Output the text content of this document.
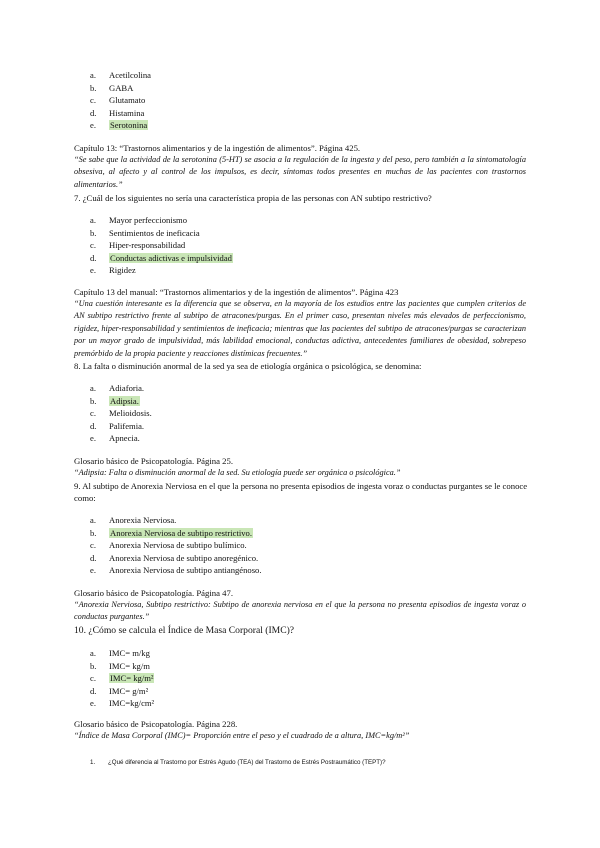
a. Acetilcolina
b. GABA
c. Glutamato
d. Histamina
e. Serotonina
Capítulo 13: “Trastornos alimentarios y de la ingestión de alimentos”. Página 425.
“Se sabe que la actividad de la serotonina (5-HT) se asocia a la regulación de la ingesta y del peso, pero también a la sintomatología obsesiva, al afecto y al control de los impulsos, es decir, síntomas todos presentes en muchas de las pacientes con trastornos alimentarios.”
7. ¿Cuál de los siguientes no sería una característica propia de las personas con AN subtipo restrictivo?
a. Mayor perfeccionismo
b. Sentimientos de ineficacia
c. Hiper-responsabilidad
d. Conductas adictivas e impulsividad
e. Rigidez
Capítulo 13 del manual: “Trastornos alimentarios y de la ingestión de alimentos”. Página 423
“Una cuestión interesante es la diferencia que se observa, en la mayoría de los estudios entre las pacientes que cumplen criterios de AN subtipo restrictivo frente al subtipo de atracones/purgas. En el primer caso, presentan niveles más elevados de perfeccionismo, rigidez, hiper-responsabilidad y sentimientos de ineficacia; mientras que las pacientes del subtipo de atracones/purgas se caracterizan por un mayor grado de impulsividad, más labilidad emocional, conductas adictiva, antecedentes familiares de obesidad, sobrepeso premórbido de la propia paciente y reacciones distímicas frecuentes.”
8. La falta o disminución anormal de la sed ya sea de etiología orgánica o psicológica, se denomina:
a. Adiaforia.
b. Adipsia.
c. Melioidosis.
d. Palifemia.
e. Apnecia.
Glosario básico de Psicopatología. Página 25.
“Adipsia: Falta o disminución anormal de la sed. Su etiología puede ser orgánica o psicológica.”
9. Al subtipo de Anorexia Nerviosa en el que la persona no presenta episodios de ingesta voraz o conductas purgantes se le conoce como:
a. Anorexia Nerviosa.
b. Anorexia Nerviosa de subtipo restrictivo.
c. Anorexia Nerviosa de subtipo bulímico.
d. Anorexia Nerviosa de subtipo anoregénico.
e. Anorexia Nerviosa de subtipo antiangénoso.
Glosario básico de Psicopatología. Página 47.
“Anorexia Nerviosa, Subtipo restrictivo: Subtipo de anorexia nerviosa en el que la persona no presenta episodios de ingesta voraz o conductas purgantes.”
10. ¿Cómo se calcula el Índice de Masa Corporal (IMC)?
a. IMC= m/kg
b. IMC= kg/m
c. IMC= kg/m²
d. IMC= g/m²
e. IMC=kg/cm²
Glosario básico de Psicopatología. Página 228.
“Índice de Masa Corporal (IMC)= Proporción entre el peso y el cuadrado de a altura, IMC=kg/m²”
1. ¿Qué diferencia al Trastorno por Estrés Agudo (TEA) del Trastorno de Estrés Postraumático (TEPT)?
